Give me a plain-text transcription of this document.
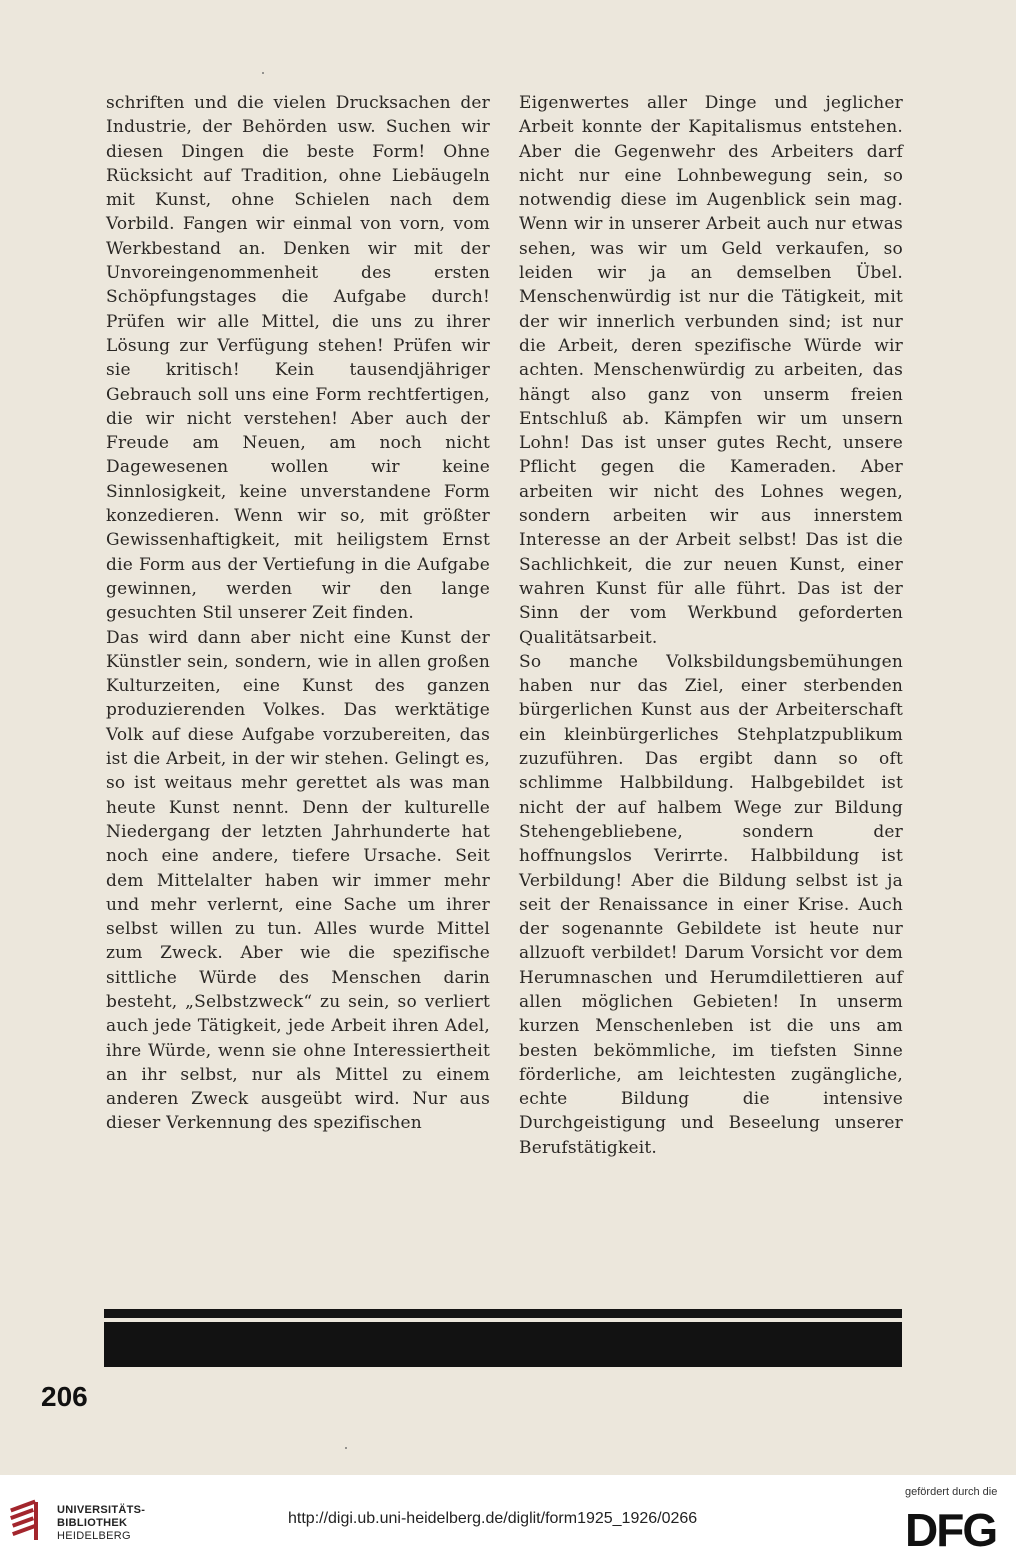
schriften und die vielen Drucksachen der Industrie, der Behörden usw. Suchen wir diesen Dingen die beste Form! Ohne Rücksicht auf Tradition, ohne Liebäugeln mit Kunst, ohne Schielen nach dem Vorbild. Fangen wir einmal von vorn, vom Werkbestand an. Denken wir mit der Unvoreingenommenheit des ersten Schöpfungstages die Aufgabe durch! Prüfen wir alle Mittel, die uns zu ihrer Lösung zur Verfügung stehen! Prüfen wir sie kritisch! Kein tausendjähriger Gebrauch soll uns eine Form rechtfertigen, die wir nicht verstehen! Aber auch der Freude am Neuen, am noch nicht Dagewesenen wollen wir keine Sinnlosigkeit, keine unverstandene Form konzedieren. Wenn wir so, mit größter Gewissenhaftigkeit, mit heiligstem Ernst die Form aus der Vertiefung in die Aufgabe gewinnen, werden wir den lange gesuchten Stil unserer Zeit finden.

Das wird dann aber nicht eine Kunst der Künstler sein, sondern, wie in allen großen Kulturzeiten, eine Kunst des ganzen produzierenden Volkes. Das werktätige Volk auf diese Aufgabe vorzubereiten, das ist die Arbeit, in der wir stehen. Gelingt es, so ist weitaus mehr gerettet als was man heute Kunst nennt. Denn der kulturelle Niedergang der letzten Jahrhunderte hat noch eine andere, tiefere Ursache. Seit dem Mittelalter haben wir immer mehr und mehr verlernt, eine Sache um ihrer selbst willen zu tun. Alles wurde Mittel zum Zweck. Aber wie die spezifische sittliche Würde des Menschen darin besteht, „Selbstzweck“ zu sein, so verliert auch jede Tätigkeit, jede Arbeit ihren Adel, ihre Würde, wenn sie ohne Interessiertheit an ihr selbst, nur als Mittel zu einem anderen Zweck ausgeübt wird. Nur aus dieser Verkennung des spezifischen

Eigenwertes aller Dinge und jeglicher Arbeit konnte der Kapitalismus entstehen. Aber die Gegenwehr des Arbeiters darf nicht nur eine Lohnbewegung sein, so notwendig diese im Augenblick sein mag. Wenn wir in unserer Arbeit auch nur etwas sehen, was wir um Geld verkaufen, so leiden wir ja an demselben Übel. Menschenwürdig ist nur die Tätigkeit, mit der wir innerlich verbunden sind; ist nur die Arbeit, deren spezifische Würde wir achten. Menschenwürdig zu arbeiten, das hängt also ganz von unserm freien Entschluß ab. Kämpfen wir um unsern Lohn! Das ist unser gutes Recht, unsere Pflicht gegen die Kameraden. Aber arbeiten wir nicht des Lohnes wegen, sondern arbeiten wir aus innerstem Interesse an der Arbeit selbst! Das ist die Sachlichkeit, die zur neuen Kunst, einer wahren Kunst für alle führt. Das ist der Sinn der vom Werkbund geforderten Qualitätsarbeit.

So manche Volksbildungsbemühungen haben nur das Ziel, einer sterbenden bürgerlichen Kunst aus der Arbeiterschaft ein kleinbürgerliches Stehplatzpublikum zuzuführen. Das ergibt dann so oft schlimme Halbbildung. Halbgebildet ist nicht der auf halbem Wege zur Bildung Stehengebliebene, sondern der hoffnungslos Verirrte. Halbbildung ist Verbildung! Aber die Bildung selbst ist ja seit der Renaissance in einer Krise. Auch der sogenannte Gebildete ist heute nur allzuoft verbildet! Darum Vorsicht vor dem Herumnaschen und Herumdilettieren auf allen möglichen Gebieten! In unserm kurzen Menschenleben ist die uns am besten bekömmliche, im tiefsten Sinne förderliche, am leichtesten zugängliche, echte Bildung die intensive Durchgeistigung und Beseelung unserer Berufstätigkeit.

206
UNIVERSITÄTS-
BIBLIOTHEK
HEIDELBERG
http://digi.ub.uni-heidelberg.de/diglit/form1925_1926/0266
gefördert durch die
DFG
